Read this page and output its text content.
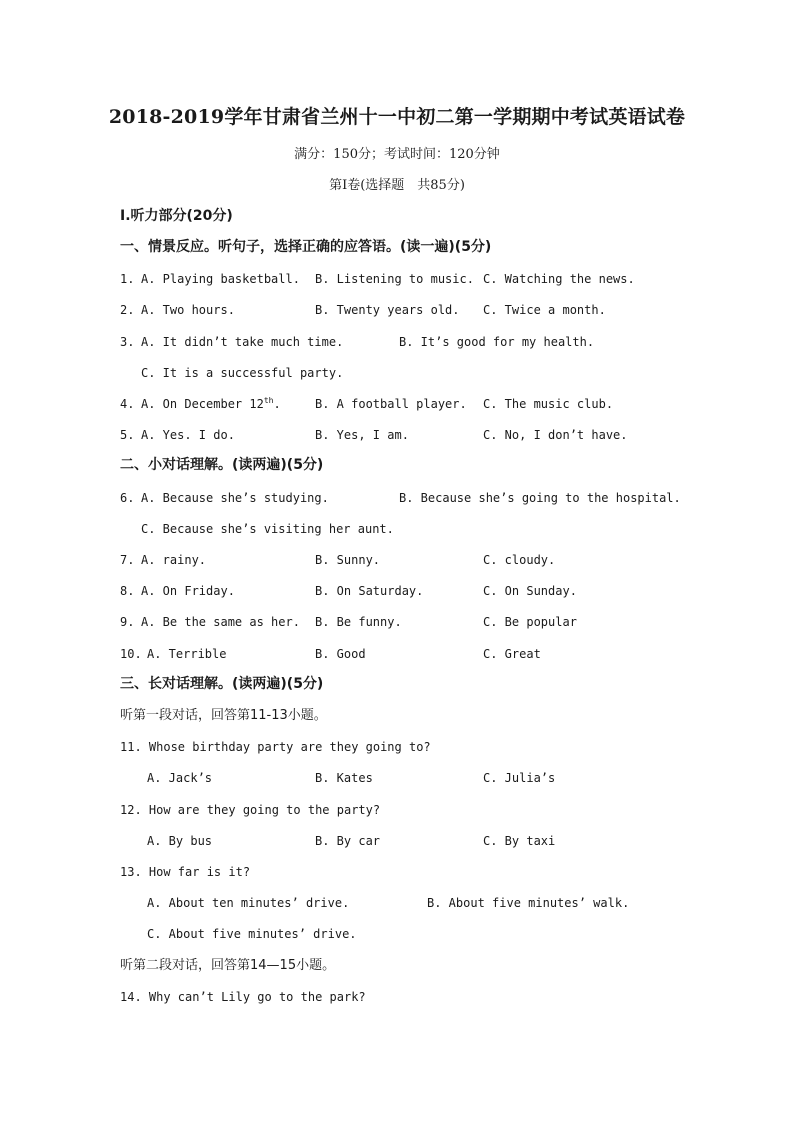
2018-2019学年甘肃省兰州十一中初二第一学期期中考试英语试卷
满分：150分；考试时间：120分钟
第Ⅰ卷(选择题　共85分)
Ⅰ.听力部分(20分)
一、情景反应。听句子，选择正确的应答语。(读一遍)(5分)
1. A. Playing basketball. B. Listening to music. C. Watching the news.
2. A. Two hours.	B. Twenty years old. C. Twice a month.
3. A. It didn’t take much time.	B. It’s good for my health.
C. It is a successful party.
4. A. On December 12th.	B. A football player. C. The music club.
5. A. Yes. I do.	B. Yes, I am.	C. No, I don’t have.
二、小对话理解。(读两遍)(5分)
6. A. Because she’s studying.	B. Because she’s going to the hospital.
C. Because she’s visiting her aunt.
7. A. rainy.	B. Sunny.	C. cloudy.
8. A. On Friday.	B. On Saturday.	C. On Sunday.
9. A. Be the same as her. B. Be funny.	C. Be popular
10. A. Terrible	B. Good	C. Great
三、长对话理解。(读两遍)(5分)
听第一段对话，回答第11-13小题。
11. Whose birthday party are they going to?
A. Jack’s	B. Kates	C. Julia’s
12. How are they going to the party?
A. By bus	B. By car	C. By taxi
13. How far is it?
A. About ten minutes’ drive.	B. About five minutes’ walk.
C. About five minutes’ drive.
听第二段对话，回答第14—15小题。
14. Why can’t Lily go to the park?
